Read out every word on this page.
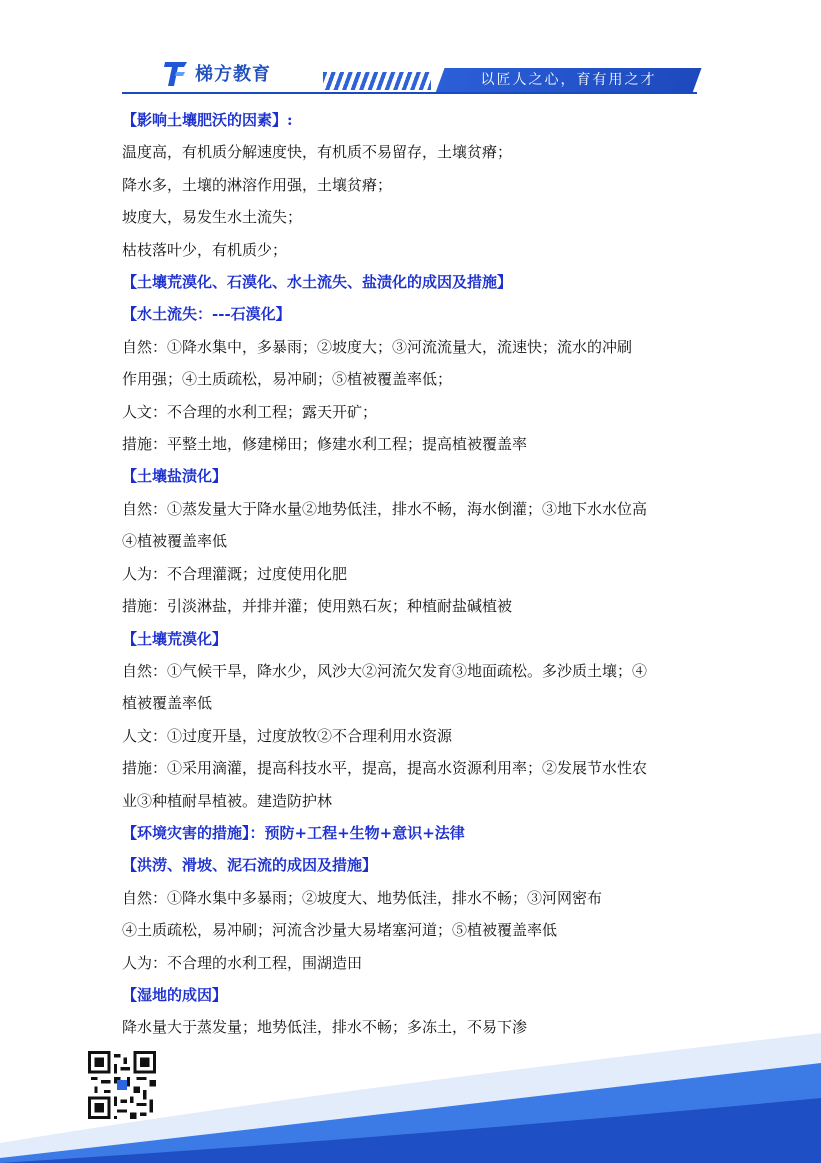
梯方教育	以匠人之心，育有用之才
【影响土壤肥沃的因素】:
温度高，有机质分解速度快，有机质不易留存，土壤贫瘠；
降水多，土壤的淋溶作用强，土壤贫瘠；
坡度大，易发生水土流失；
枯枝落叶少，有机质少；
【土壤荒漠化、石漠化、水土流失、盐渍化的成因及措施】
【水土流失：---石漠化】
自然：①降水集中，多暴雨；②坡度大；③河流流量大，流速快；流水的冲刷
作用强；④土质疏松，易冲刷；⑤植被覆盖率低；
人文：不合理的水利工程；露天开矿；
措施：平整土地，修建梯田；修建水利工程；提高植被覆盖率
【土壤盐渍化】
自然：①蒸发量大于降水量②地势低洼，排水不畅，海水倒灌；③地下水水位高
④植被覆盖率低
人为：不合理灌溉；过度使用化肥
措施：引淡淋盐，并排并灌；使用熟石灰；种植耐盐碱植被
【土壤荒漠化】
自然：①气候干旱，降水少，风沙大②河流欠发育③地面疏松。多沙质土壤；④
植被覆盖率低
人文：①过度开垦，过度放牧②不合理利用水资源
措施：①采用滴灌，提高科技水平，提高，提高水资源利用率；②发展节水性农
业③种植耐旱植被。建造防护林
【环境灾害的措施】：预防+工程+生物+意识+法律
【洪涝、滑坡、泥石流的成因及措施】
自然：①降水集中多暴雨；②坡度大、地势低洼，排水不畅；③河网密布
④土质疏松，易冲刷；河流含沙量大易堵塞河道；⑤植被覆盖率低
人为：不合理的水利工程，围湖造田
【湿地的成因】
降水量大于蒸发量；地势低洼，排水不畅；多冻土，不易下渗
